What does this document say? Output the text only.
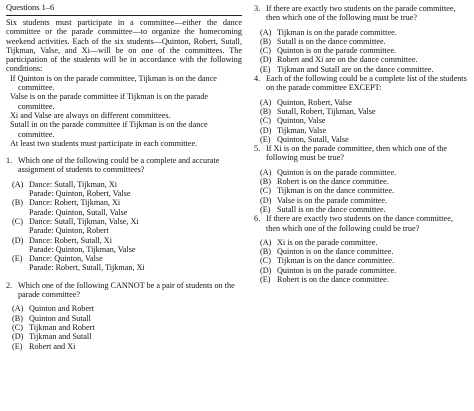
Questions 1–6

Six students must participate in a committee—either the dance committee or the parade committee—to organize the homecoming weekend activities. Each of the six students—Quinton, Robert, Sutall, Tijkman, Valse, and Xi—will be on one of the committees. The participation of the students will be in accordance with the following conditions:

If Quinton is on the parade committee, Tijkman is on the dance committee.

Valse is on the parade committee if Tijkman is on the parade committee.

Xi and Valse are always on different committees.

Sutall in on the parade committee if Tijkman is on the dance committee.

At least two students must participate in each committee.

1. Which one of the following could be a complete and accurate assignment of students to committees?
(A) Dance: Sutall, Tijkman, Xi
Parade: Quinton, Robert, Valse
(B) Dance: Robert, Tijkman, Xi
Parade: Quinton, Sutall, Valse
(C) Dance: Sutall, Tijkman, Valse, Xi
Parade: Quinton, Robert
(D) Dance: Robert, Sutall, Xi
Parade: Quinton, Tijkman, Valse
(E) Dance: Quinton, Valse
Parade: Robert, Sutall, Tijkman, Xi
2. Which one of the following CANNOT be a pair of students on the parade committee?
(A) Quinton and Robert
(B) Quinton and Sutall
(C) Tijkman and Robert
(D) Tijkman and Sutall
(E) Robert and Xi
3. If there are exactly two students on the parade committee, then which one of the following must be true?
(A) Tijkman is on the parade committee.
(B) Sutall is on the dance committee.
(C) Quinton is on the parade committee.
(D) Robert and Xi are on the dance committee.
(E) Tijkman and Sutall are on the dance committee.
4. Each of the following could be a complete list of the students on the parade committee EXCEPT:
(A) Quinton, Robert, Valse
(B) Sutall, Robert, Tijkman, Valse
(C) Quinton, Valse
(D) Tijkman, Valse
(E) Quinton, Sutall, Valse
5. If Xi is on the parade committee, then which one of the following must be true?
(A) Quinton is on the parade committee.
(B) Robert is on the dance committee.
(C) Tijkman is on the dance committee.
(D) Valse is on the parade committee.
(E) Sutall is on the dance committee.
6. If there are exactly two students on the dance committee, then which one of the following could be true?
(A) Xi is on the parade committee.
(B) Quinton is on the dance committee.
(C) Tijkman is on the dance committee.
(D) Quinton is on the parade committee.
(E) Robert is on the dance committee.
